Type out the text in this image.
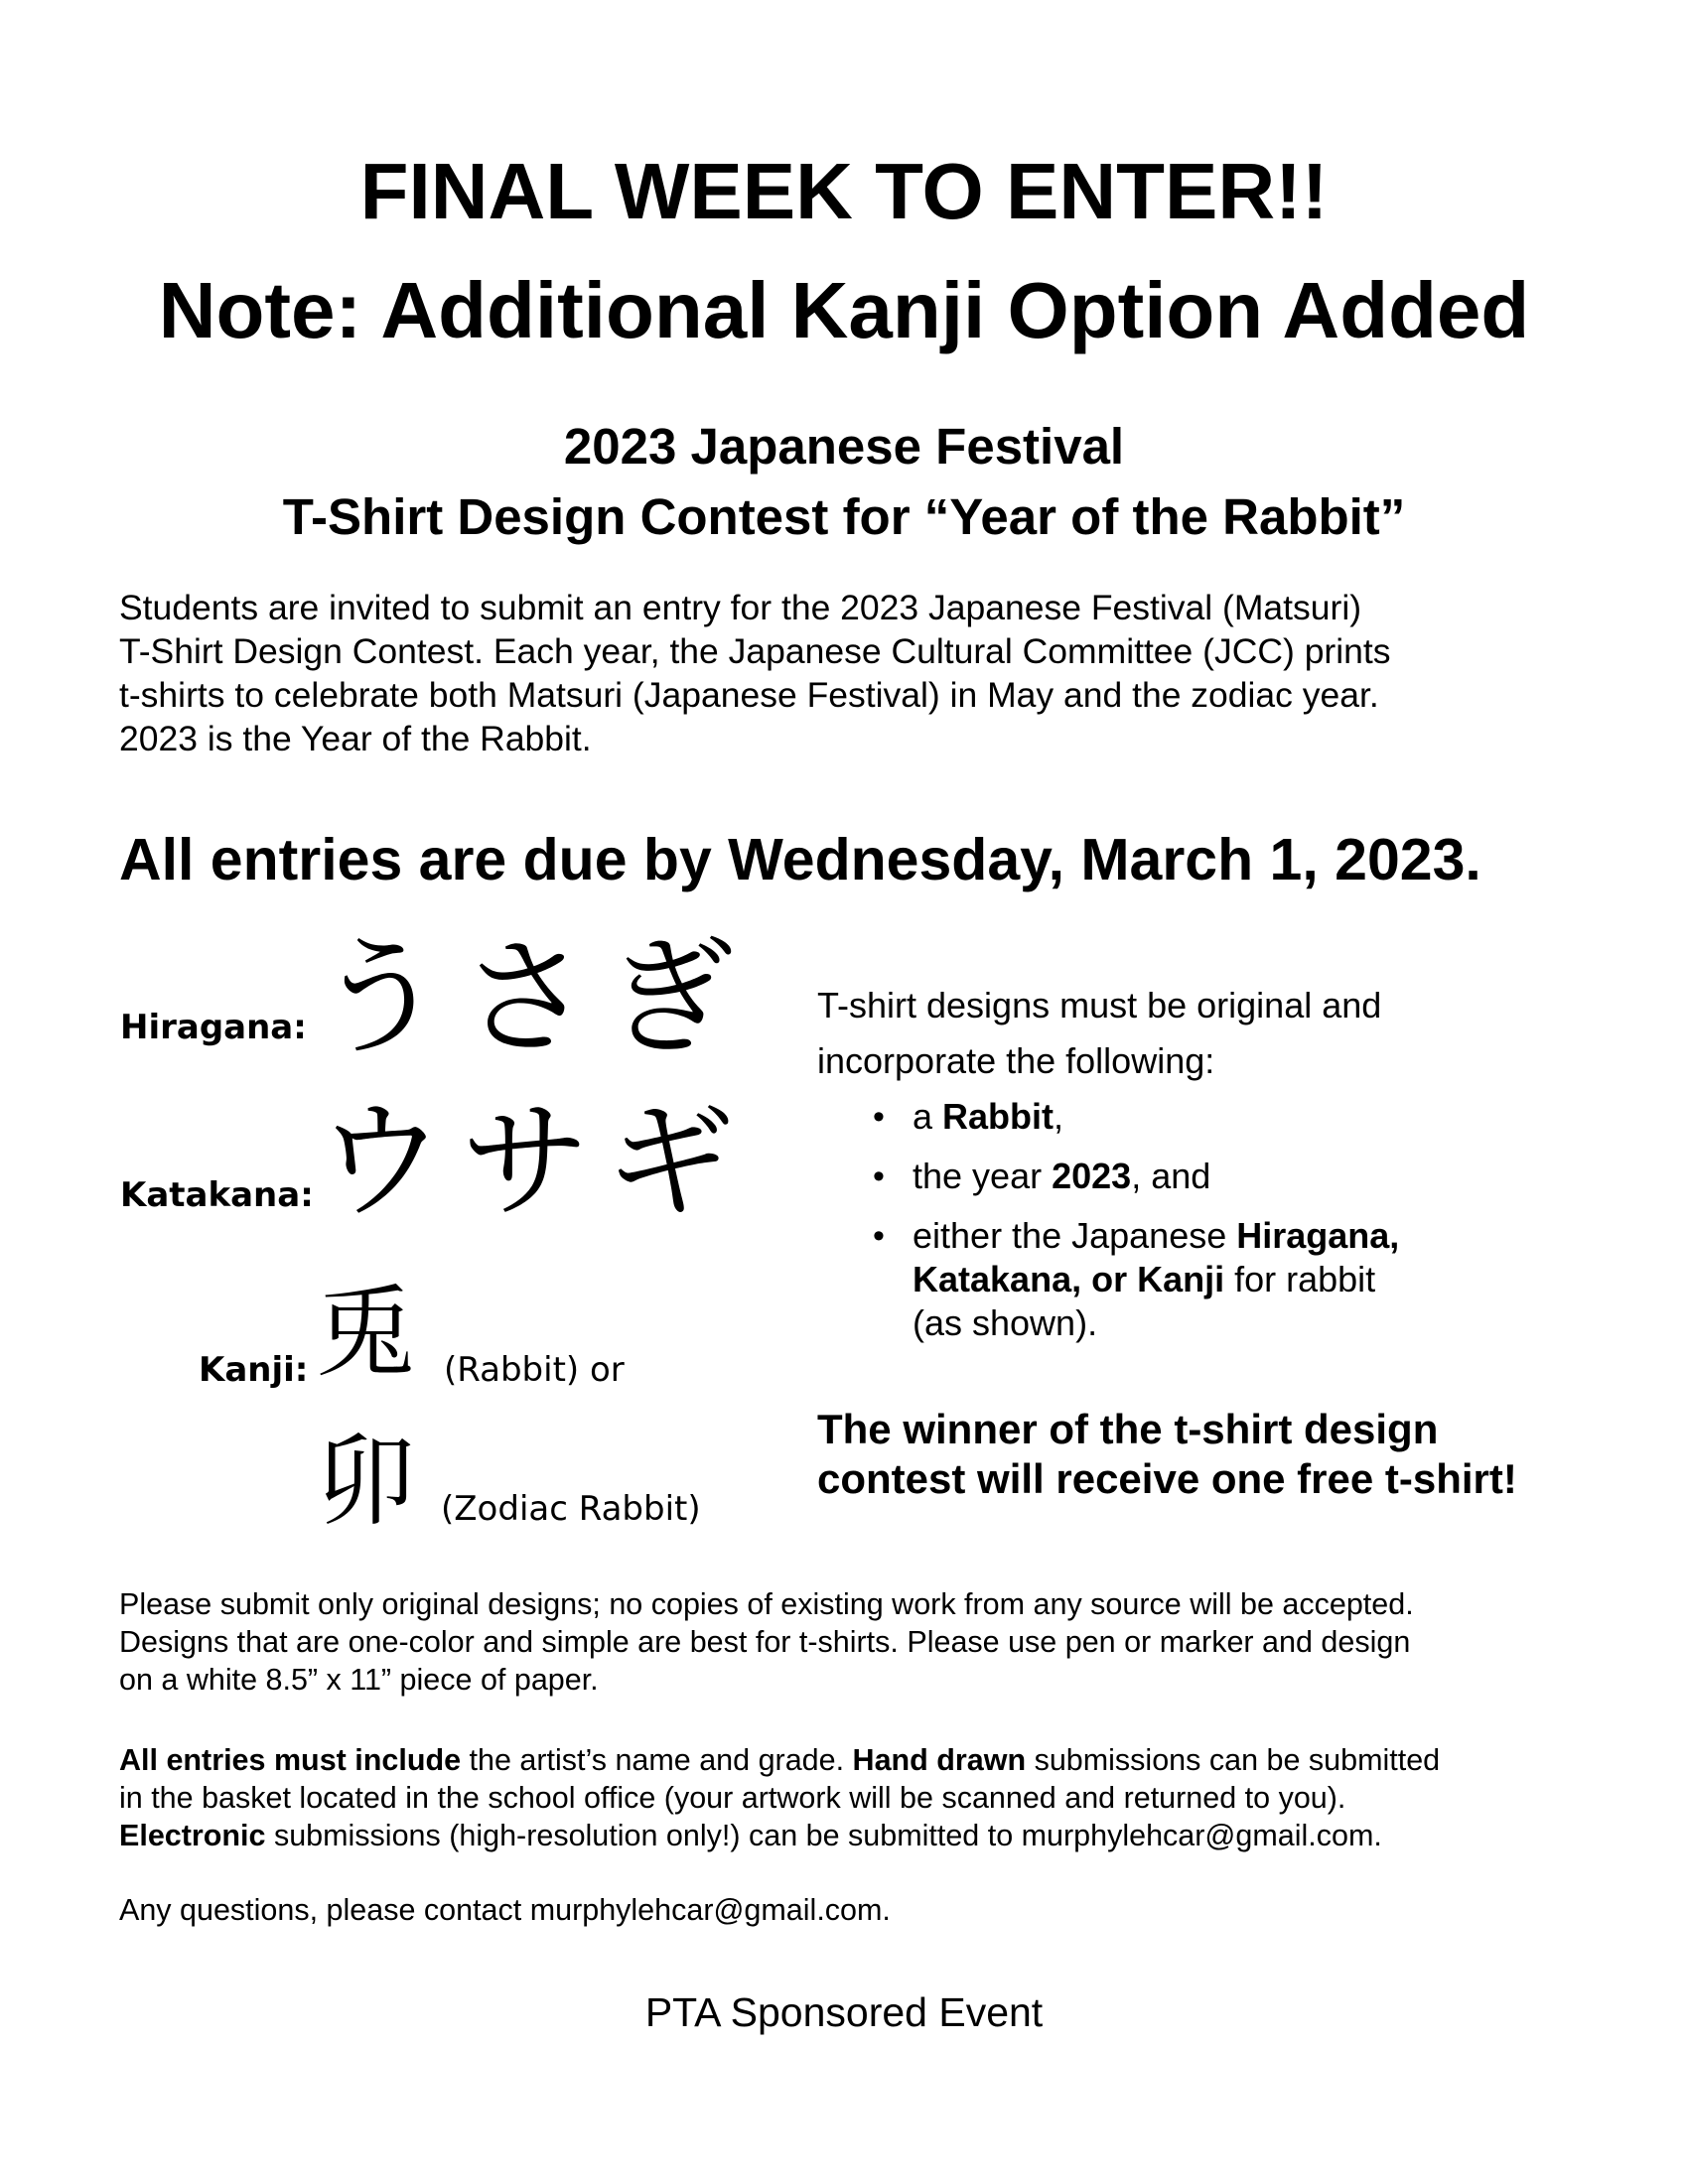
FINAL WEEK TO ENTER!!
Note: Additional Kanji Option Added
2023 Japanese Festival
T-Shirt Design Contest for “Year of the Rabbit”
Students are invited to submit an entry for the 2023 Japanese Festival (Matsuri)
T-Shirt Design Contest. Each year, the Japanese Cultural Committee (JCC) prints
t-shirts to celebrate both Matsuri (Japanese Festival) in May and the zodiac year.
2023 is the Year of the Rabbit.
All entries are due by Wednesday, March 1, 2023.
Hiragana: うさぎ
Katakana: ウサギ
Kanji: 兎 (Rabbit) or
卯 (Zodiac Rabbit)
T-shirt designs must be original and
incorporate the following:
• a Rabbit,
• the year 2023, and
• either the Japanese Hiragana,
Katakana, or Kanji for rabbit
(as shown).
The winner of the t-shirt design
contest will receive one free t-shirt!
Please submit only original designs; no copies of existing work from any source will be accepted.
Designs that are one-color and simple are best for t-shirts. Please use pen or marker and design
on a white 8.5” x 11” piece of paper.
All entries must include the artist’s name and grade. Hand drawn submissions can be submitted
in the basket located in the school office (your artwork will be scanned and returned to you).
Electronic submissions (high-resolution only!) can be submitted to murphylehcar@gmail.com.
Any questions, please contact murphylehcar@gmail.com.
PTA Sponsored Event
